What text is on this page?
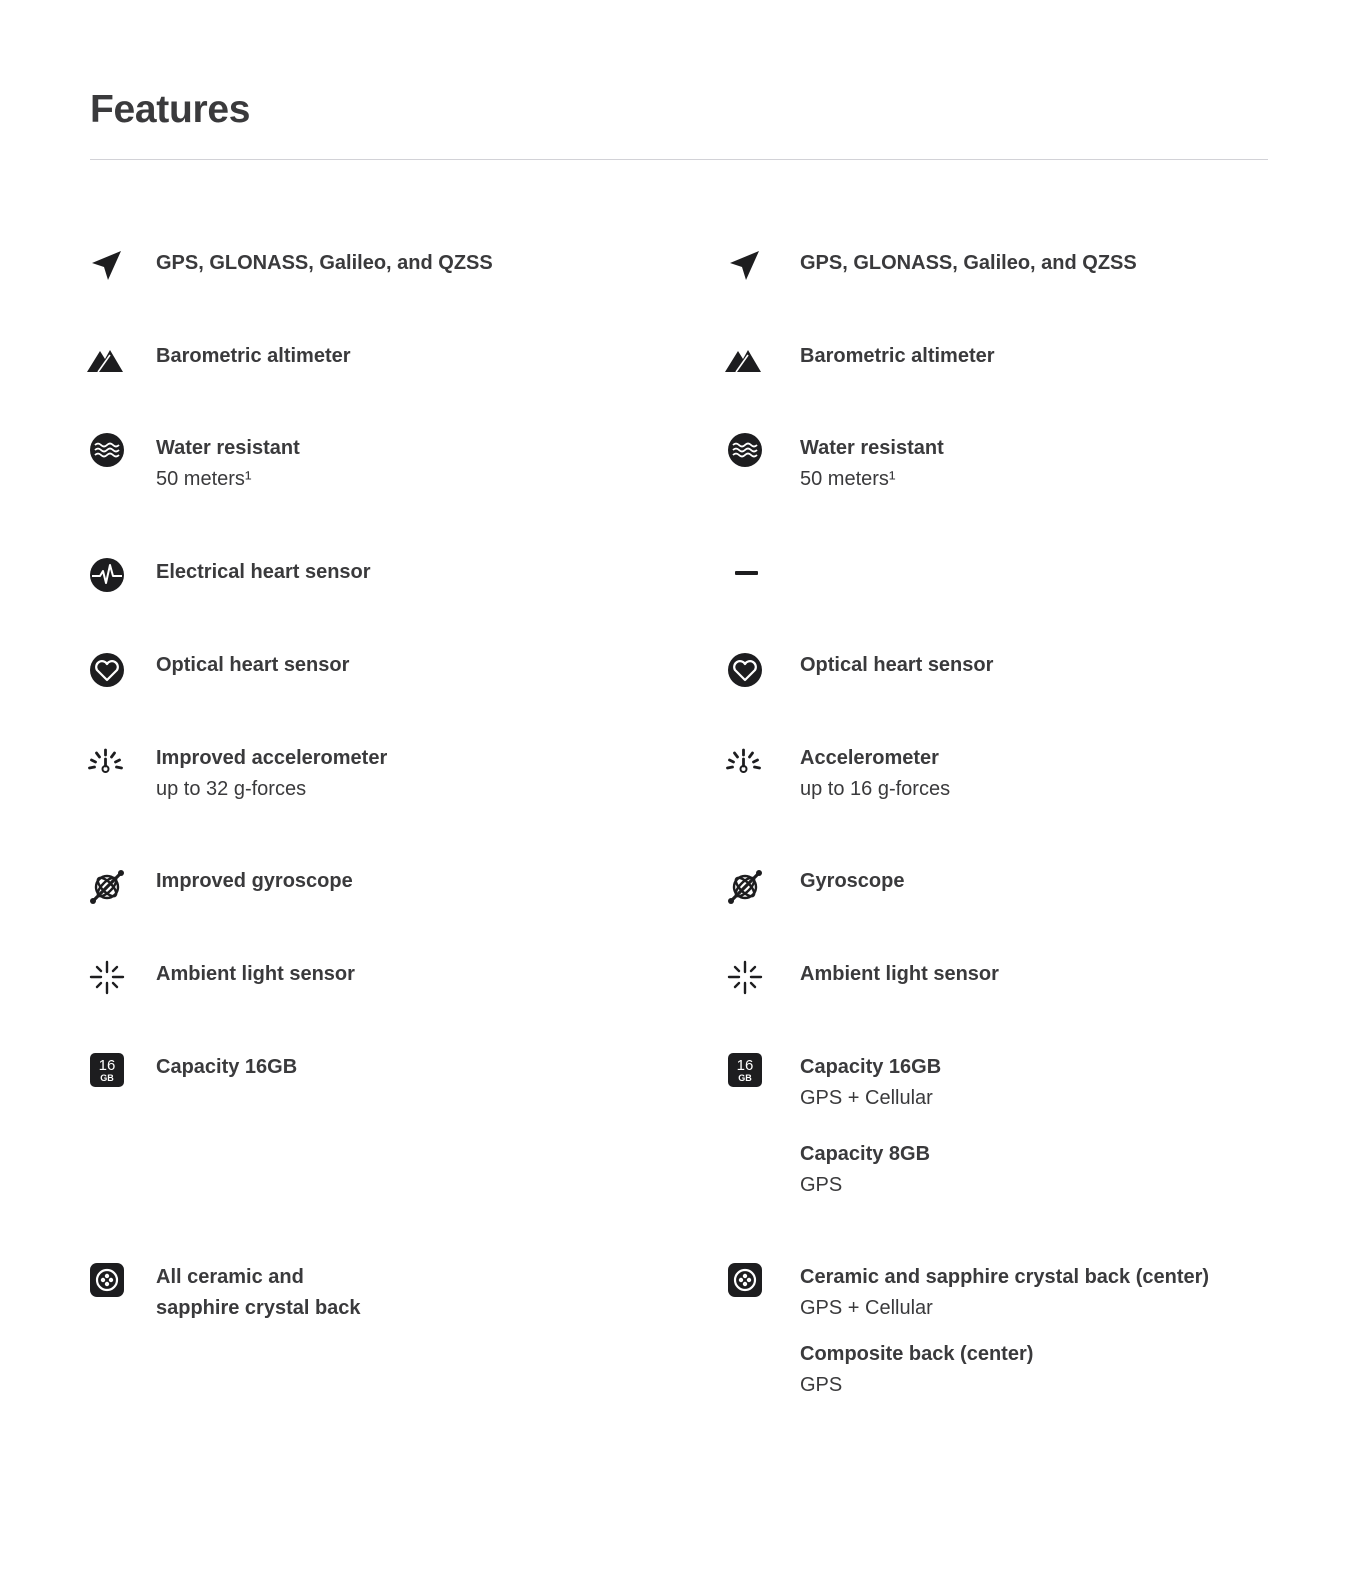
Features
GPS, GLONASS, Galileo, and QZSS
Barometric altimeter
Water resistant
50 meters¹
Electrical heart sensor
Optical heart sensor
Improved accelerometer
up to 32 g-forces
Improved gyroscope
Ambient light sensor
16
GB Capacity 16GB
All ceramic and
sapphire crystal back
GPS, GLONASS, Galileo, and QZSS
Barometric altimeter
Water resistant
50 meters¹
Optical heart sensor
Accelerometer
up to 16 g-forces
Gyroscope
Ambient light sensor
16
GB Capacity 16GB
GPS + Cellular
Capacity 8GB
GPS
Ceramic and sapphire crystal back (center)
GPS + Cellular
Composite back (center)
GPS
